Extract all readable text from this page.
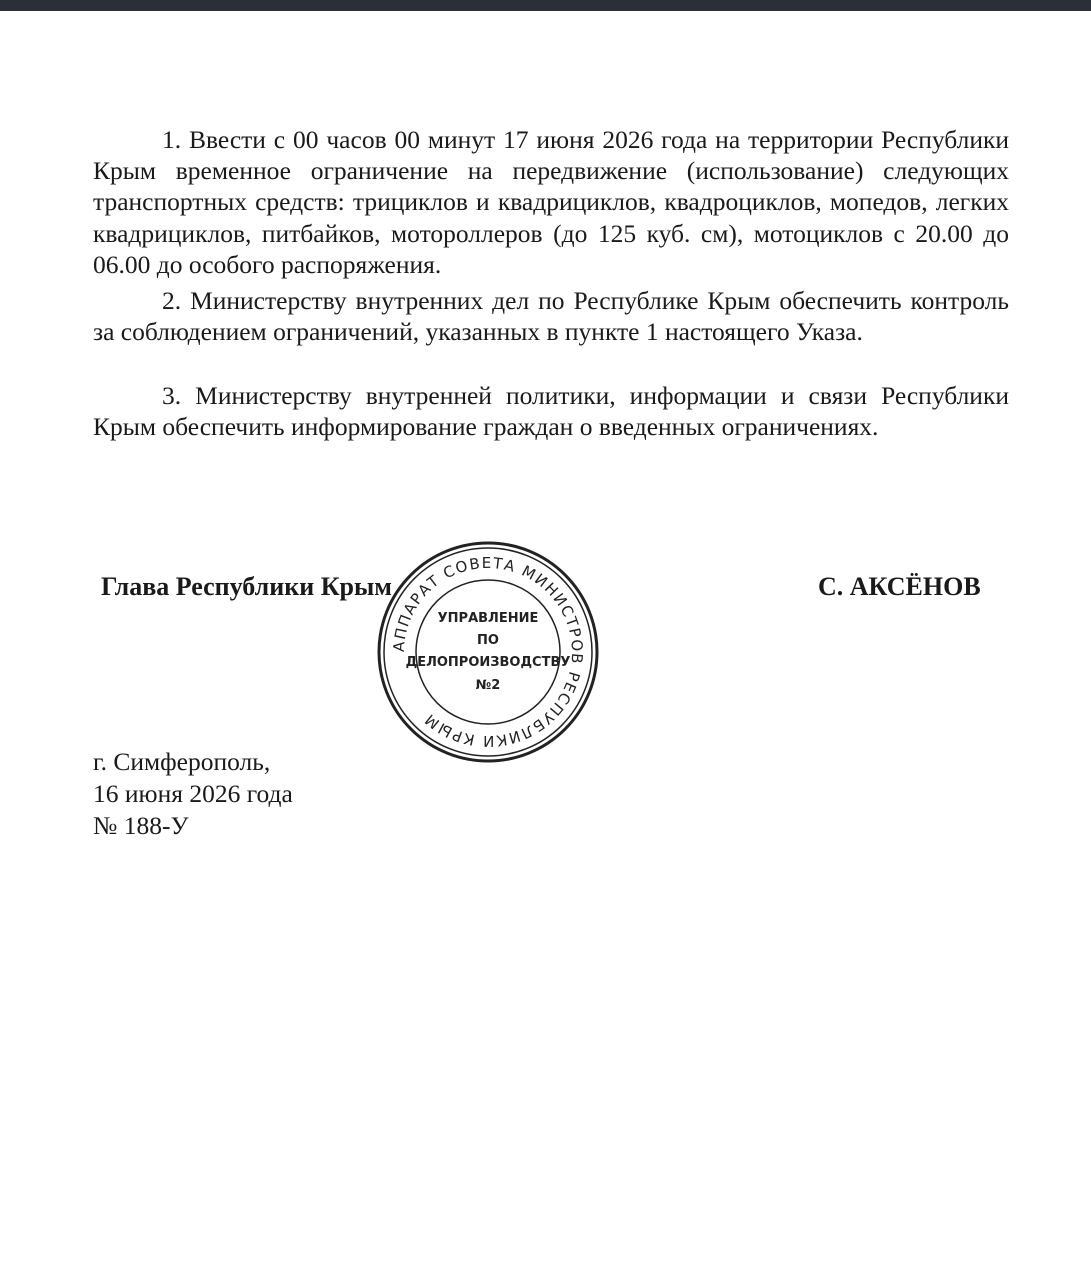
1. Ввести с 00 часов 00 минут 17 июня 2026 года на территории Республики Крым временное ограничение на передвижение (использование) следующих транспортных средств: трициклов и квадрициклов, квадроциклов, мопедов, легких квадрициклов, питбайков, мотороллеров (до 125 куб. см), мотоциклов с 20.00 до 06.00 до особого распоряжения.

2. Министерству внутренних дел по Республике Крым обеспечить контроль за соблюдением ограничений, указанных в пункте 1 настоящего Указа.

3. Министерству внутренней политики, информации и связи Республики Крым обеспечить информирование граждан о введенных ограничениях.

Глава Республики Крым	С. АКСЁНОВ
АППАРАТ СОВЕТА МИНИСТРОВ РЕСПУБЛИКИ КРЫМ
УПРАВЛЕНИЕ
ПО
ДЕЛОПРОИЗВОДСТВУ
№2
г. Симферополь,
16 июня 2026 года
№ 188-У
